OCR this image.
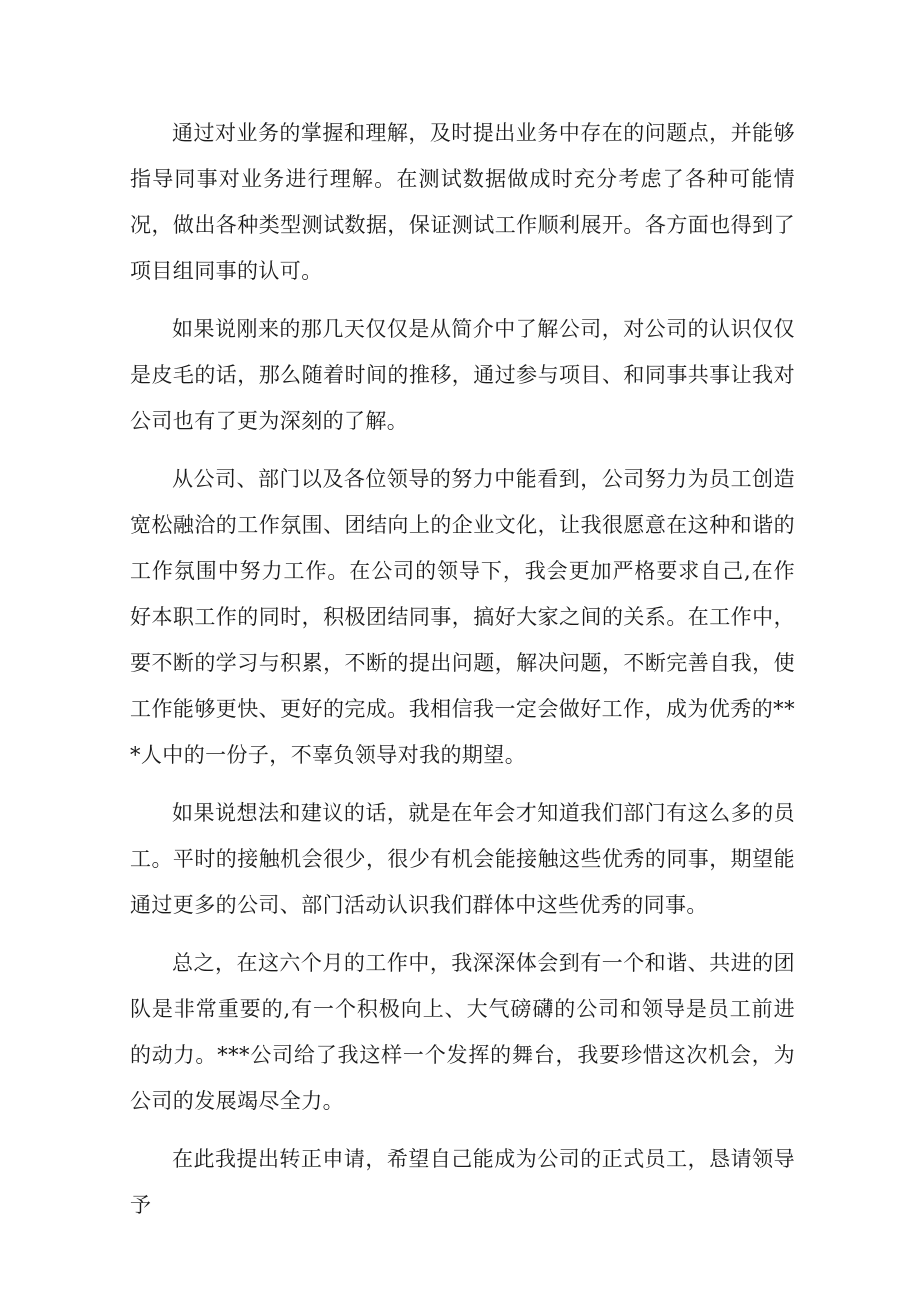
通过对业务的掌握和理解，及时提出业务中存在的问题点，并能够指导同事对业务进行理解。在测试数据做成时充分考虑了各种可能情况，做出各种类型测试数据，保证测试工作顺利展开。各方面也得到了项目组同事的认可。

如果说刚来的那几天仅仅是从简介中了解公司，对公司的认识仅仅是皮毛的话，那么随着时间的推移，通过参与项目、和同事共事让我对公司也有了更为深刻的了解。

从公司、部门以及各位领导的努力中能看到，公司努力为员工创造宽松融洽的工作氛围、团结向上的企业文化，让我很愿意在这种和谐的工作氛围中努力工作。在公司的领导下，我会更加严格要求自己,在作好本职工作的同时，积极团结同事，搞好大家之间的关系。在工作中，要不断的学习与积累，不断的提出问题，解决问题，不断完善自我，使工作能够更快、更好的完成。我相信我一定会做好工作，成为优秀的***人中的一份子，不辜负领导对我的期望。

如果说想法和建议的话，就是在年会才知道我们部门有这么多的员工。平时的接触机会很少，很少有机会能接触这些优秀的同事，期望能通过更多的公司、部门活动认识我们群体中这些优秀的同事。

总之，在这六个月的工作中，我深深体会到有一个和谐、共进的团队是非常重要的,有一个积极向上、大气磅礴的公司和领导是员工前进的动力。***公司给了我这样一个发挥的舞台，我要珍惜这次机会，为公司的发展竭尽全力。

在此我提出转正申请，希望自己能成为公司的正式员工，恳请领导予
